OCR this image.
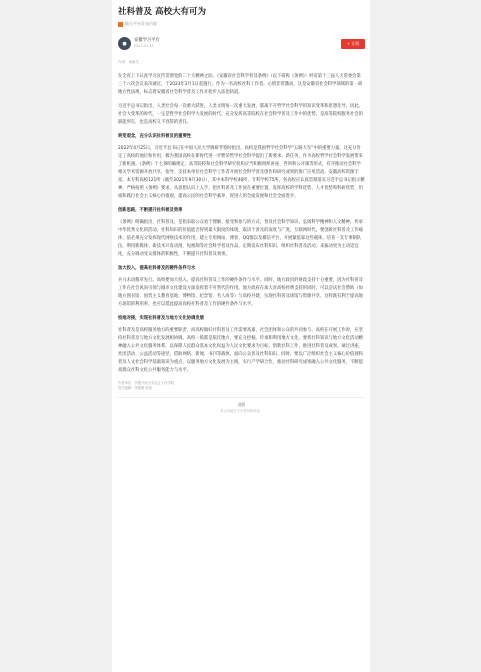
社科普及 高校大有可为
地方平台发布内容
●	安徽学习平台
2022-01-12
+ 订阅
作者：周雨尤

在全省上下认真学习宣传贯彻党的二十大精神之际，《安徽省社会科学普及条例》（以下简称《条例》）经省第十三届人大常委会第三十八次会议表决通过，于2023年1月1日起施行。作为一名高校社科工作者，心情非常激动，这是安徽省社会科学领域的第一部地方性法规，标志着安徽省社会科学普及工作开始步入法治轨道。

习近平总书记指出，人类社会每一次重大跃进，人类文明每一次重大发展，都离不开哲学社会科学的知识变革和思想先导。因此，社会大变革的时代，一定是哲学社会科学大发展的时代。充分发挥高等院校在社会科学普及工作中的优势，是高等院校服务社会的职能所在，也是高校义不容辞的责任。

转变观念，充分认识社科普及的重要性

2022年4月25日，习近平总书记在中国人民大学调研考察时指出，高校是我国哲学社会科学“五路大军”中的重要力量。这充分肯定了高校的地位和作用，极为我国高校在新时代进一步繁荣哲学社会科学提出了新要求、新任务，作为高校哲学社会科学发展带来了新机遇。《条例》十七条明确规定，高等院校和社会科学研究机构应当积极组织讲座、咨询和公开课等形式，有序推动社会科学相关学术资源开放共享，指导、支持本单位社会科学工作者开展社会科学普及创作和研究成果的推广应用活动。安徽高校资源丰富，本专科高校121所（截至2021年9月30日），其中本科学校46所，专科学校75所。各高校应认真贯彻落实习近平总书记指示精神，严格按照《条例》要求，从思想认识上入手，把社科普及工作放在重要位置，发挥高校的学科优势、人才优势和科研优势，坦诚和践行社会主义核心价值观，提高公民的社会科学素养，促进人的全面发展和社会全面进步。

创新思路，不断提升社科普及效果

《条例》明确指出，社科普及，是指采取公众易于理解、接受和参与的方式，普及社会科学知识，弘扬科学精神和人文精神，传承中华优秀文化的活动。社科知识的价值能否得到最大限度的体现，取决于普及的深度与广度。互联网时代，要创新社科普及工作载体、依必须充分发挥现代网络技术的作用，建立专用网站、博客、QQ群以及微信平台，开展紧依靠这些载体，培育一支专事朝队伍，利用新媒体、新技术开发动漫、短视频等社会科学普及作品，定期发布社科知识，组织社科普及活动，来拔动更为主动适宜化，充分调动受众群体的积极性，不断提升社科普及效果。

加大投入，提高社科普及的硬件条件与水

兵马未动粮草先行。高校要加大投入，提高社科普及工作的硬件条件与水平。同时，地方政府的财政支持十分重要，因为社科普及工作在社会风尚引领与城市文化建设方面发挥着不可替代的作用。地方政府在加大对高校经费支持的同时，可以尝试社会赞助（如地方图书馆、国营主义教育基地、博物馆、纪念馆、名人故等）与高校共建，实现社科普及场馆与资源共享。这样既有利于提高地方场馆的利用率，也可以借此提高高校社科普及工作的硬件条件与水平。

校地对接，实现社科普及与地方文化协调发展

社科普及是高校服务地方的重要职责，而高校做好社科普及工作需要高素，社会团体和公众的共同参与。高校在开展工作时，应坚持社科普及与地方文化发展相协调。高校一般都是依托地方，要充分挖掘、传承和利用地方文化，要将社科知识与地方文化活动精神融入公共文化服务体系，以保障人民群众基本文化权益为人民文化要求为目标，创新社科工作，推进社科普及成果。通过讲座、社团活动、公益活动等途径，借助网络、新闻、书刊等载体，面向公众普及社科知识。同时，要以广泛组织社会主义核心价值观和普及人文社会科学基础知识为重点，以服务地方文化发展为主线，实行产学研合作，推动社科研究成果融入公共文化服务，不断提高群众社科文化公共服务能力与水平。

作者单位：安徽开放大学社会工作学院
责任编辑：张媛媛 郭伟
进版
本文为地方平台发布的内容。
